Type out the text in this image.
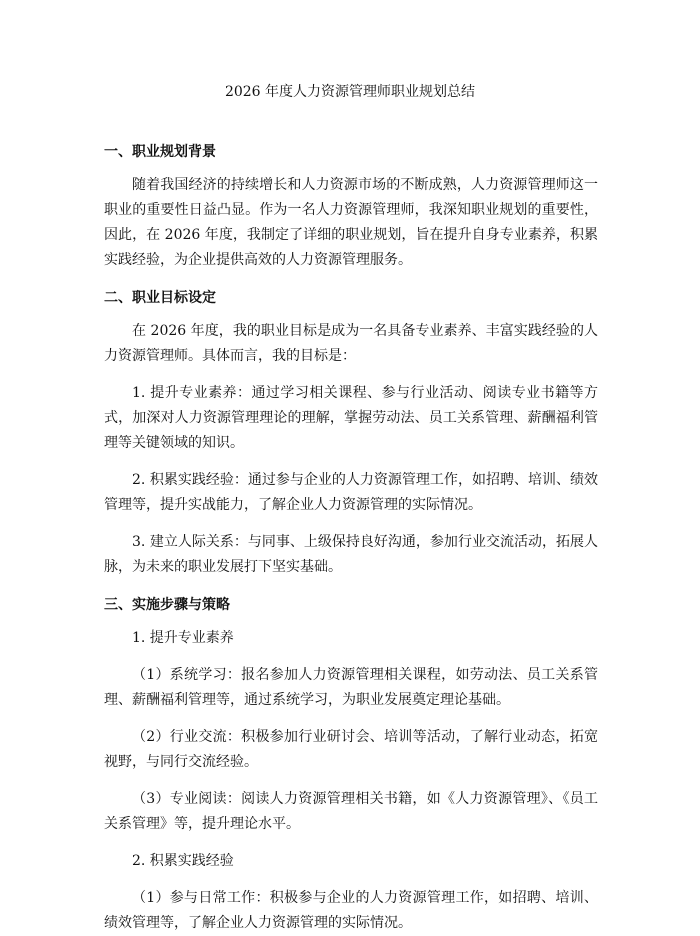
2026 年度人力资源管理师职业规划总结
一、职业规划背景

随着我国经济的持续增长和人力资源市场的不断成熟，人力资源管理师这一职业的重要性日益凸显。作为一名人力资源管理师，我深知职业规划的重要性，因此，在 2026 年度，我制定了详细的职业规划，旨在提升自身专业素养，积累实践经验，为企业提供高效的人力资源管理服务。

二、职业目标设定

在 2026 年度，我的职业目标是成为一名具备专业素养、丰富实践经验的人力资源管理师。具体而言，我的目标是：

1. 提升专业素养：通过学习相关课程、参与行业活动、阅读专业书籍等方式，加深对人力资源管理理论的理解，掌握劳动法、员工关系管理、薪酬福利管理等关键领域的知识。

2. 积累实践经验：通过参与企业的人力资源管理工作，如招聘、培训、绩效管理等，提升实战能力，了解企业人力资源管理的实际情况。

3. 建立人际关系：与同事、上级保持良好沟通，参加行业交流活动，拓展人脉，为未来的职业发展打下坚实基础。

三、实施步骤与策略

1. 提升专业素养

（1）系统学习：报名参加人力资源管理相关课程，如劳动法、员工关系管理、薪酬福利管理等，通过系统学习，为职业发展奠定理论基础。

（2）行业交流：积极参加行业研讨会、培训等活动，了解行业动态，拓宽视野，与同行交流经验。

（3）专业阅读：阅读人力资源管理相关书籍，如《人力资源管理》、《员工关系管理》等，提升理论水平。

2. 积累实践经验

（1）参与日常工作：积极参与企业的人力资源管理工作，如招聘、培训、绩效管理等，了解企业人力资源管理的实际情况。
